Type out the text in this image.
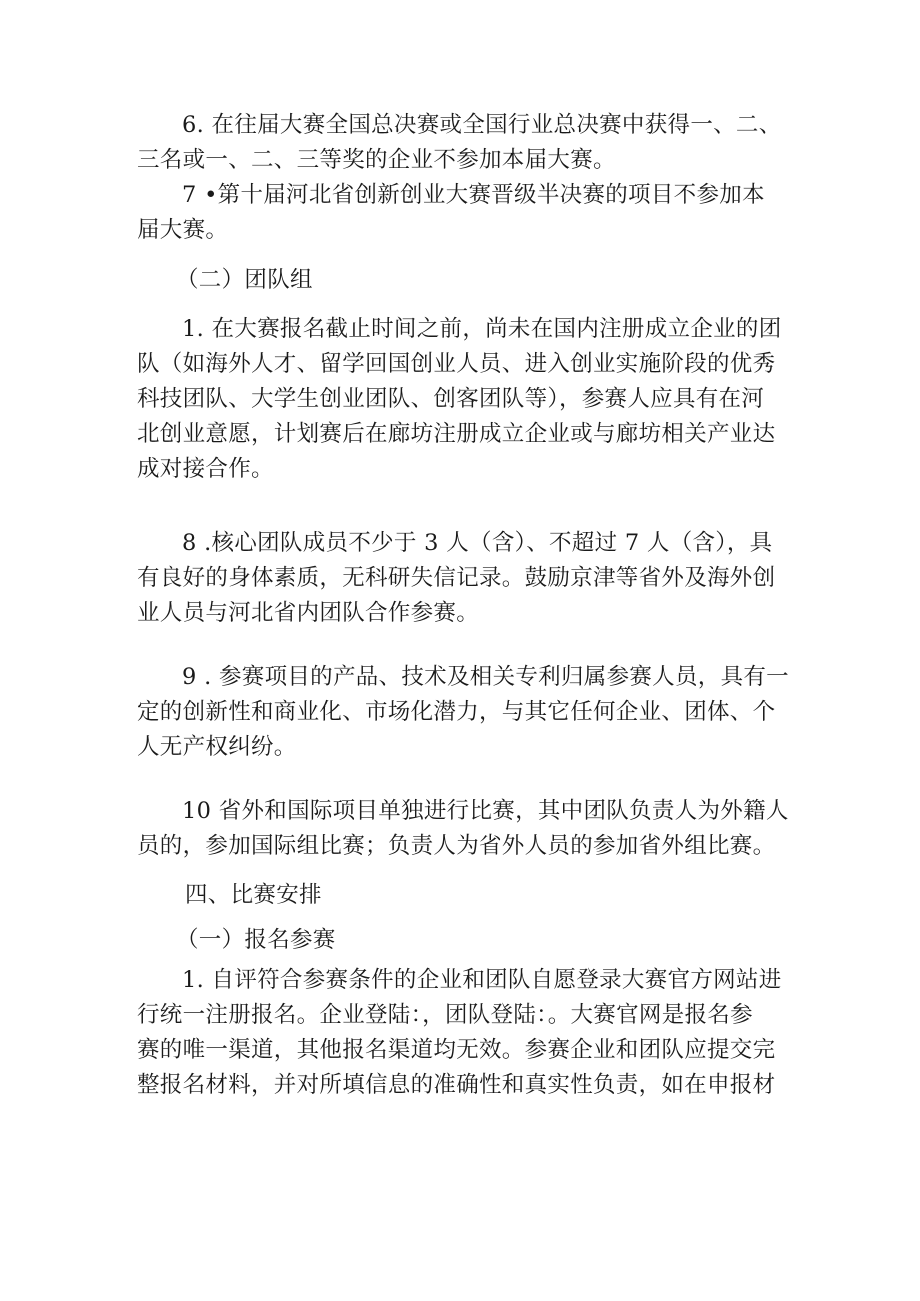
6. 在往届大赛全国总决赛或全国行业总决赛中获得一、二、
三名或一、二、三等奖的企业不参加本届大赛。
7 •第十届河北省创新创业大赛晋级半决赛的项目不参加本
届大赛。
（二）团队组
1. 在大赛报名截止时间之前，尚未在国内注册成立企业的团
队（如海外人才、留学回国创业人员、进入创业实施阶段的优秀
科技团队、大学生创业团队、创客团队等），参赛人应具有在河
北创业意愿，计划赛后在廊坊注册成立企业或与廊坊相关产业达
成对接合作。
8 .核心团队成员不少于 3 人（含）、不超过 7 人（含），具
有良好的身体素质，无科研失信记录。鼓励京津等省外及海外创
业人员与河北省内团队合作参赛。
9 . 参赛项目的产品、技术及相关专利归属参赛人员，具有一
定的创新性和商业化、市场化潜力，与其它任何企业、团体、个
人无产权纠纷。
10 省外和国际项目单独进行比赛，其中团队负责人为外籍人
员的，参加国际组比赛；负责人为省外人员的参加省外组比赛。
四、比赛安排
（一）报名参赛
1. 自评符合参赛条件的企业和团队自愿登录大赛官方网站进
行统一注册报名。企业登陆：，团队登陆：。大赛官网是报名参
赛的唯一渠道，其他报名渠道均无效。参赛企业和团队应提交完
整报名材料，并对所填信息的准确性和真实性负责，如在申报材
